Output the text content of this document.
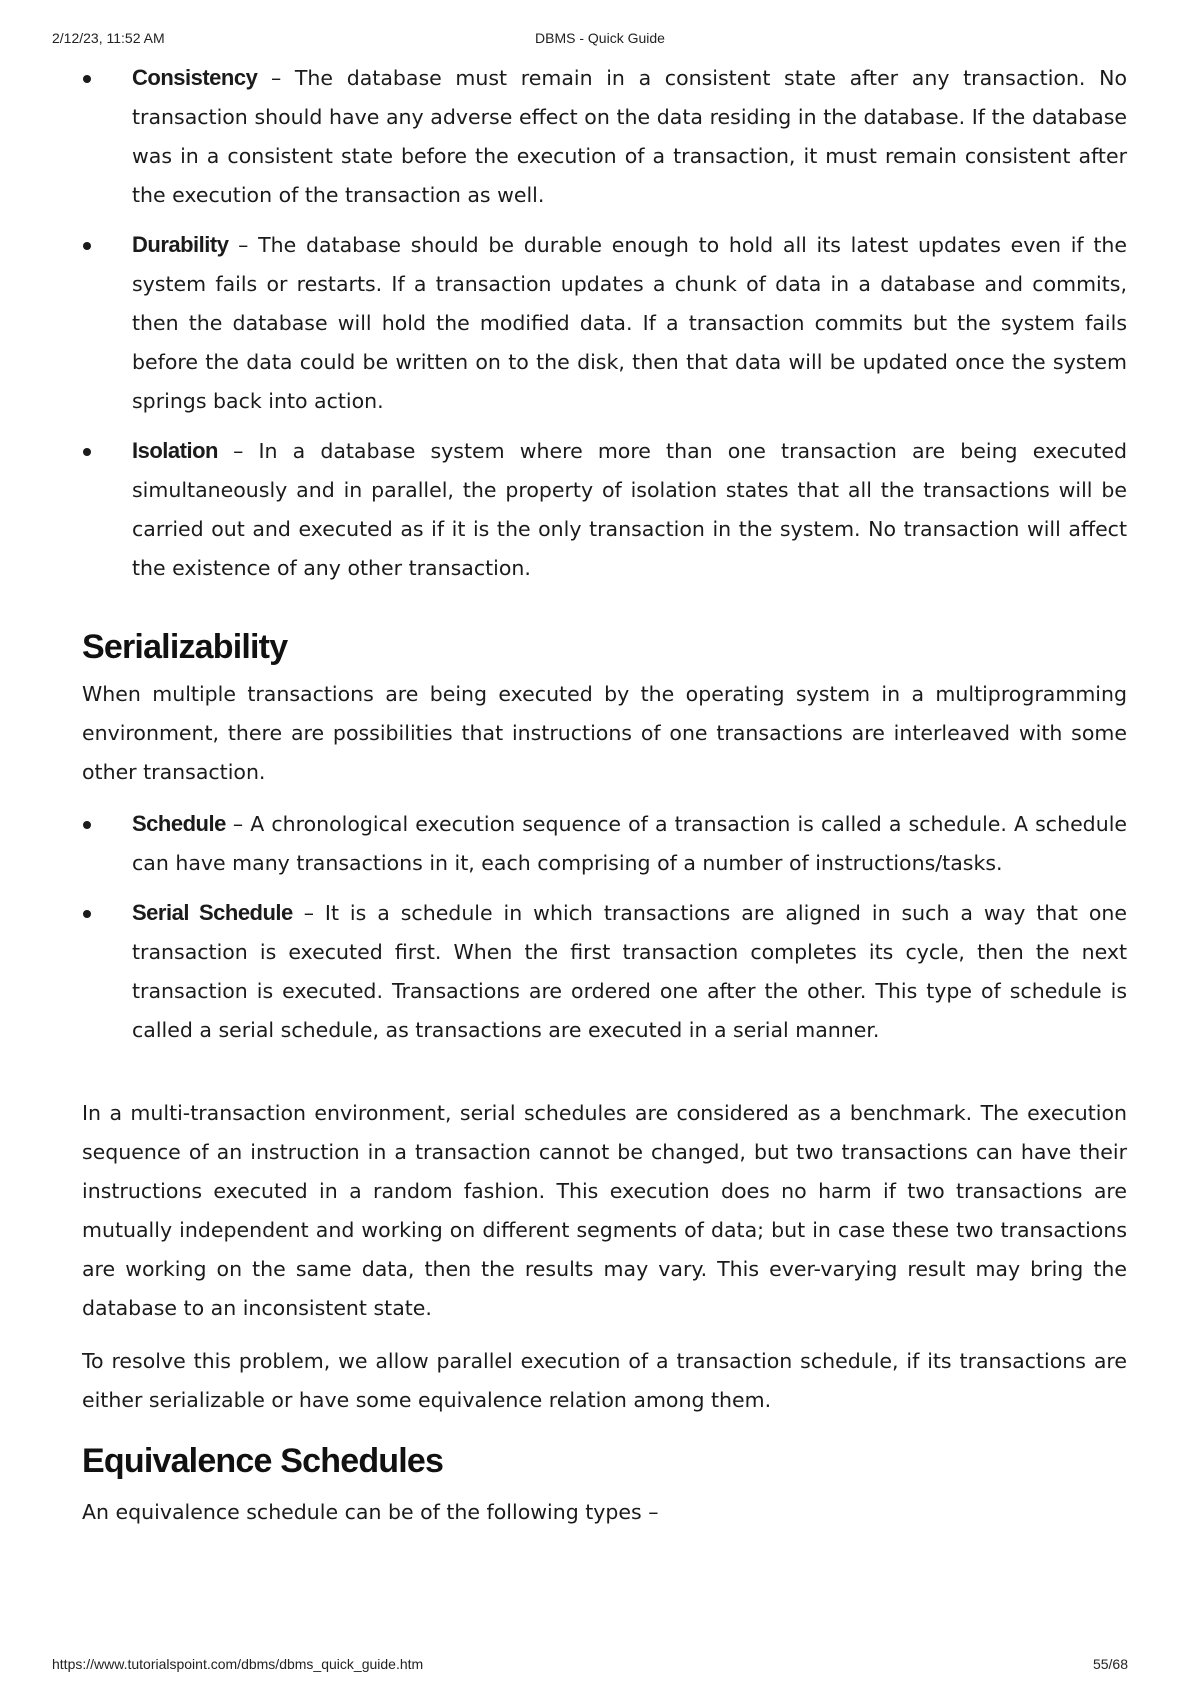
2/12/23, 11:52 AM	DBMS - Quick Guide
Consistency – The database must remain in a consistent state after any transaction. No transaction should have any adverse effect on the data residing in the database. If the database was in a consistent state before the execution of a transaction, it must remain consistent after the execution of the transaction as well.
Durability – The database should be durable enough to hold all its latest updates even if the system fails or restarts. If a transaction updates a chunk of data in a database and commits, then the database will hold the modified data. If a transaction commits but the system fails before the data could be written on to the disk, then that data will be updated once the system springs back into action.
Isolation – In a database system where more than one transaction are being executed simultaneously and in parallel, the property of isolation states that all the transactions will be carried out and executed as if it is the only transaction in the system. No transaction will affect the existence of any other transaction.
Serializability

When multiple transactions are being executed by the operating system in a multiprogramming environment, there are possibilities that instructions of one transactions are interleaved with some other transaction.

Schedule – A chronological execution sequence of a transaction is called a schedule. A schedule can have many transactions in it, each comprising of a number of instructions/tasks.
Serial Schedule – It is a schedule in which transactions are aligned in such a way that one transaction is executed first. When the first transaction completes its cycle, then the next transaction is executed. Transactions are ordered one after the other. This type of schedule is called a serial schedule, as transactions are executed in a serial manner.

In a multi-transaction environment, serial schedules are considered as a benchmark. The execution sequence of an instruction in a transaction cannot be changed, but two transactions can have their instructions executed in a random fashion. This execution does no harm if two transactions are mutually independent and working on different segments of data; but in case these two transactions are working on the same data, then the results may vary. This ever-varying result may bring the database to an inconsistent state.

To resolve this problem, we allow parallel execution of a transaction schedule, if its transactions are either serializable or have some equivalence relation among them.

Equivalence Schedules

An equivalence schedule can be of the following types –

https://www.tutorialspoint.com/dbms/dbms_quick_guide.htm	55/68
